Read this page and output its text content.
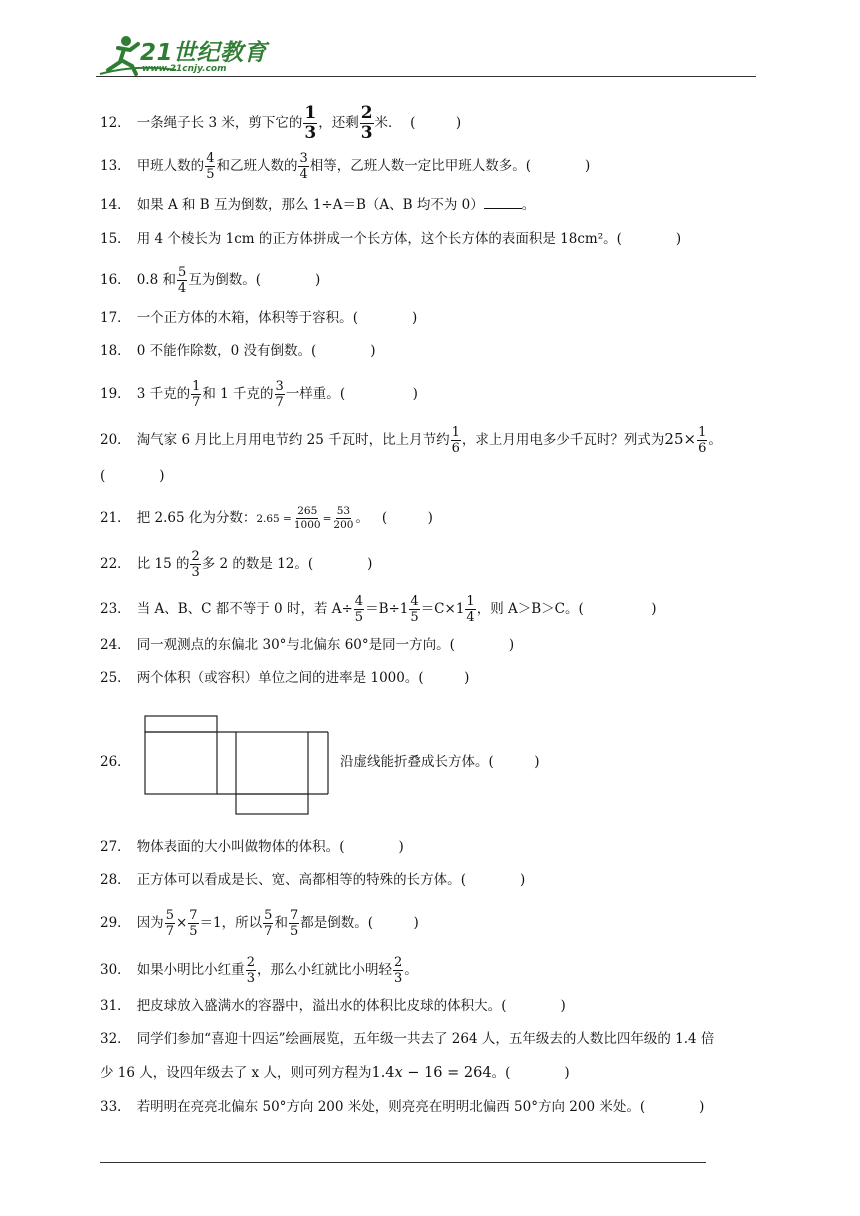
21世纪教育
www.21cnjy.com
12． 一条绳子长 3 米，剪下它的 $\frac{1}{3}$ ，还剩 $\frac{2}{3}$ 米． (　　　)
13． 甲班人数的 $\frac{4}{5}$ 和乙班人数的 $\frac{3}{4}$ 相等，乙班人数一定比甲班人数多。(　　　　)
14． 如果 A 和 B 互为倒数，那么 1÷A＝B（A、B 均不为 0）	。
15． 用 4 个棱长为 1cm 的正方体拼成一个长方体，这个长方体的表面积是 18cm²。(　　　　)
16． 0.8 和 $\frac{5}{4}$ 互为倒数。(　　　　)
17． 一个正方体的木箱，体积等于容积。(　　　　)
18． 0 不能作除数，0 没有倒数。(　　　　)
19． 3 千克的 $\frac{1}{7}$ 和 1 千克的 $\frac{3}{7}$ 一样重。(　　　　　)
20． 淘气家 6 月比上月用电节约 25 千瓦时，比上月节约 $\frac{1}{6}$ ，求上月用电多少千瓦时？列式为$25\times \frac{1}{6}$ 。
(　　　　)
21． 把 2.65 化为分数：$2.65 = \frac{265}{1000} = \frac{53}{200}$ 。 (　　　)
22． 比 15 的 $\frac{2}{3}$ 多 2 的数是 12。(　　　　)
23． 当 A、B、C 都不等于 0 时，若 $A\div \frac{4}{5} =B\div 1 \frac{4}{5} =C\times 1 \frac{1}{4}$ ，则 A＞B＞C。(　　　　　)
24． 同一观测点的东偏北 30°与北偏东 60°是同一方向。(　　　　)
25． 两个体积（或容积）单位之间的进率是 1000。(　　　)
26．	沿虚线能折叠成长方体。(　　　)
27． 物体表面的大小叫做物体的体积。(　　　　)
28． 正方体可以看成是长、宽、高都相等的特殊的长方体。(　　　　)
29． 因为 $\frac{5}{7} \times \frac{7}{5} =1$，所以 $\frac{5}{7}$ 和 $\frac{7}{5}$ 都是倒数。(　　　)
30． 如果小明比小红重 $\frac{2}{3}$ ，那么小红就比小明轻 $\frac{2}{3}$ 。
31． 把皮球放入盛满水的容器中，溢出水的体积比皮球的体积大。(　　　　)
32． 同学们参加“喜迎十四运”绘画展览，五年级一共去了 264 人，五年级去的人数比四年级的 1.4 倍
少 16 人，设四年级去了 x 人，则可列方程为1.4x − 16 = 264。(　　　　)
33． 若明明在亮亮北偏东 50°方向 200 米处，则亮亮在明明北偏西 50°方向 200 米处。(　　　　)
